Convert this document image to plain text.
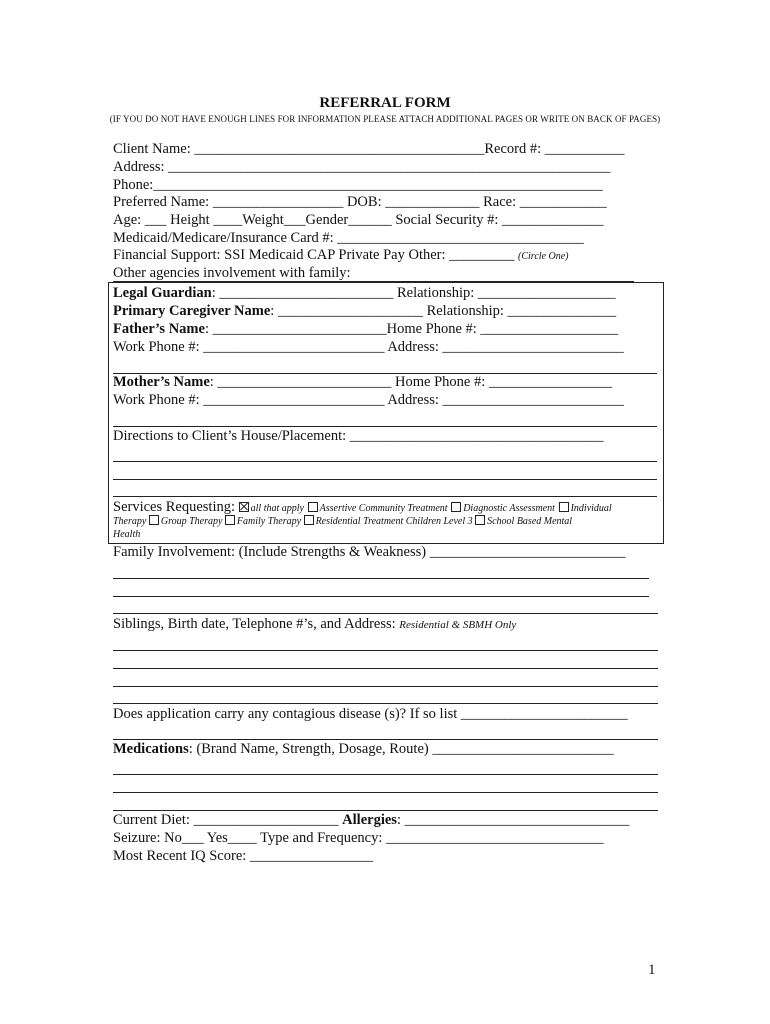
REFERRAL FORM
(IF YOU DO NOT HAVE ENOUGH LINES FOR INFORMATION PLEASE ATTACH ADDITIONAL PAGES OR WRITE ON BACK OF PAGES)
Client Name: ________________________________________Record #: ___________
Address: _____________________________________________________________
Phone:______________________________________________________________
Preferred Name: __________________ DOB: _____________ Race: ____________
Age: ___ Height ____Weight___Gender______ Social Security #: ______________
Medicaid/Medicare/Insurance Card #: __________________________________
Financial Support: SSI Medicaid CAP Private Pay Other: _________ (Circle One)
Other agencies involvement with family:
Legal Guardian: ________________________ Relationship: ___________________
Primary Caregiver Name: ____________________ Relationship: _______________
Father’s Name: ________________________Home Phone #: ___________________
Work Phone #: _________________________ Address: _________________________
Mother’s Name: ________________________ Home Phone #: _________________
Work Phone #: _________________________ Address: _________________________
Directions to Client’s House/Placement: ___________________________________
Services Requesting: all that apply Assertive Community Treatment Diagnostic Assessment Individual
Therapy Group Therapy Family Therapy Residential Treatment Children Level 3 School Based Mental
Health
Family Involvement: (Include Strengths & Weakness) ___________________________
Siblings, Birth date, Telephone #’s, and Address: Residential & SBMH Only
Does application carry any contagious disease (s)? If so list _______________________
Medications: (Brand Name, Strength, Dosage, Route) _________________________
Current Diet: ____________________ Allergies: _______________________________
Seizure: No___ Yes____ Type and Frequency: ______________________________
Most Recent IQ Score: _________________
1
